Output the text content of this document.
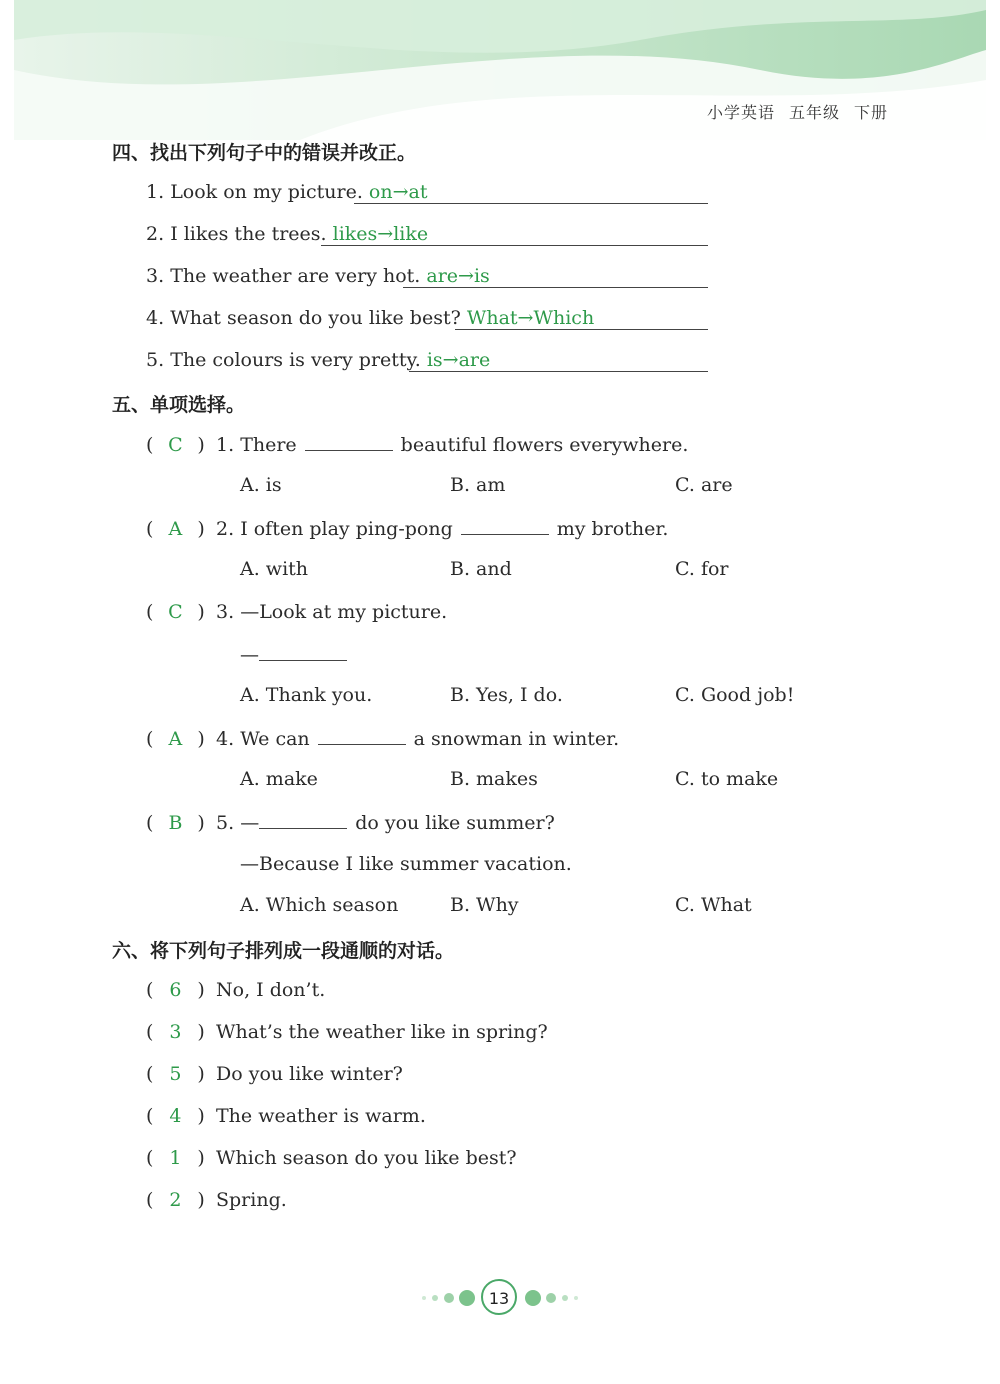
小学英语 五年级 下册
四、找出下列句子中的错误并改正。
1. Look on my picture. on→at
2. I likes the trees. likes→like
3. The weather are very hot. are→is
4. What season do you like best? What→Which
5. The colours is very pretty. is→are
五、单项选择。
( C ) 1. There	beautiful flowers everywhere.
A. is	B. am	C. are
( A ) 2. I often play ping-pong	my brother.
A. with	B. and	C. for
( C ) 3. —Look at my picture.
—
A. Thank you.	B. Yes, I do.	C. Good job!
( A ) 4. We can	a snowman in winter.
A. make	B. makes	C. to make
( B ) 5. —	do you like summer?
—Because I like summer vacation.
A. Which season	B. Why	C. What
六、将下列句子排列成一段通顺的对话。
( 6 ) No, I don’t.
( 3 ) What’s the weather like in spring?
( 5 ) Do you like winter?
( 4 ) The weather is warm.
( 1 ) Which season do you like best?
( 2 ) Spring.
13
